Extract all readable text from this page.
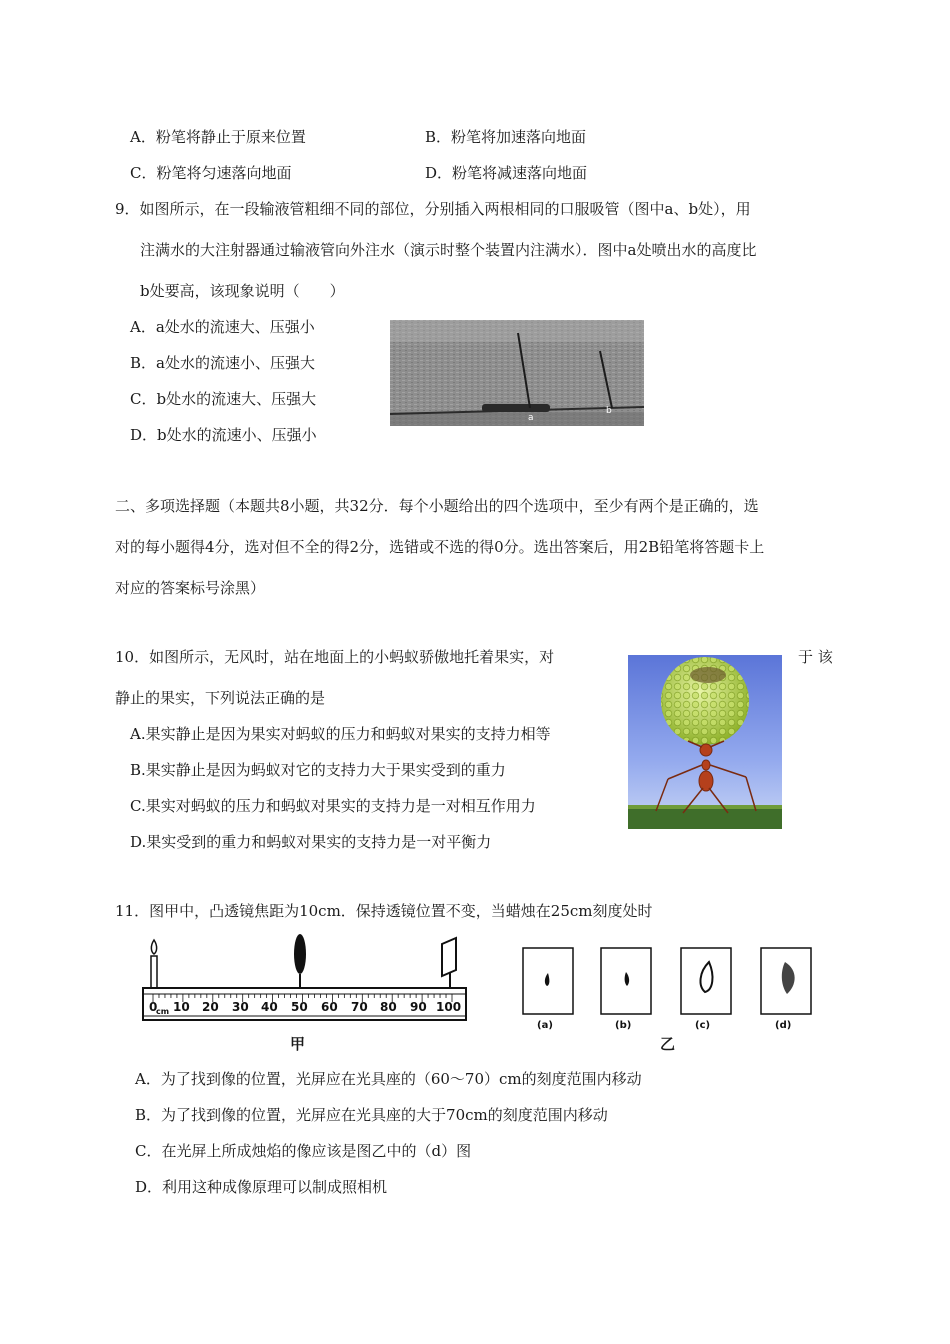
A．粉笔将静止于原来位置	B．粉笔将加速落向地面
C．粉笔将匀速落向地面	D．粉笔将减速落向地面
9．如图所示，在一段输液管粗细不同的部位，分别插入两根相同的口服吸管（图中a、b处），用
注满水的大注射器通过输液管向外注水（演示时整个装置内注满水）．图中a处喷出水的高度比
b处要高，该现象说明（　　）
A．a处水的流速大、压强小
B．a处水的流速小、压强大
C．b处水的流速大、压强大
D．b处水的流速小、压强小
a
b
二、多项选择题（本题共8小题，共32分．每个小题给出的四个选项中，至少有两个是正确的，选
对的每小题得4分，选对但不全的得2分，选错或不选的得0分。选出答案后，用2B铅笔将答题卡上
对应的答案标号涂黑）
10．如图所示，无风时，站在地面上的小蚂蚁骄傲地托着果实，对	于 该
静止的果实，下列说法正确的是
A.果实静止是因为果实对蚂蚁的压力和蚂蚁对果实的支持力相等
B.果实静止是因为蚂蚁对它的支持力大于果实受到的重力
C.果实对蚂蚁的压力和蚂蚁对果实的支持力是一对相互作用力
D.果实受到的重力和蚂蚁对果实的支持力是一对平衡力
11．图甲中，凸透镜焦距为10cm．保持透镜位置不变，当蜡烛在25cm刻度处时
0
cm 10 20 30 40 50 60 70 80 90 100
甲
(a)	(b)	(c)	(d)
乙
A．为了找到像的位置，光屏应在光具座的（60～70）cm的刻度范围内移动
B．为了找到像的位置，光屏应在光具座的大于70cm的刻度范围内移动
C．在光屏上所成烛焰的像应该是图乙中的（d）图
D．利用这种成像原理可以制成照相机
